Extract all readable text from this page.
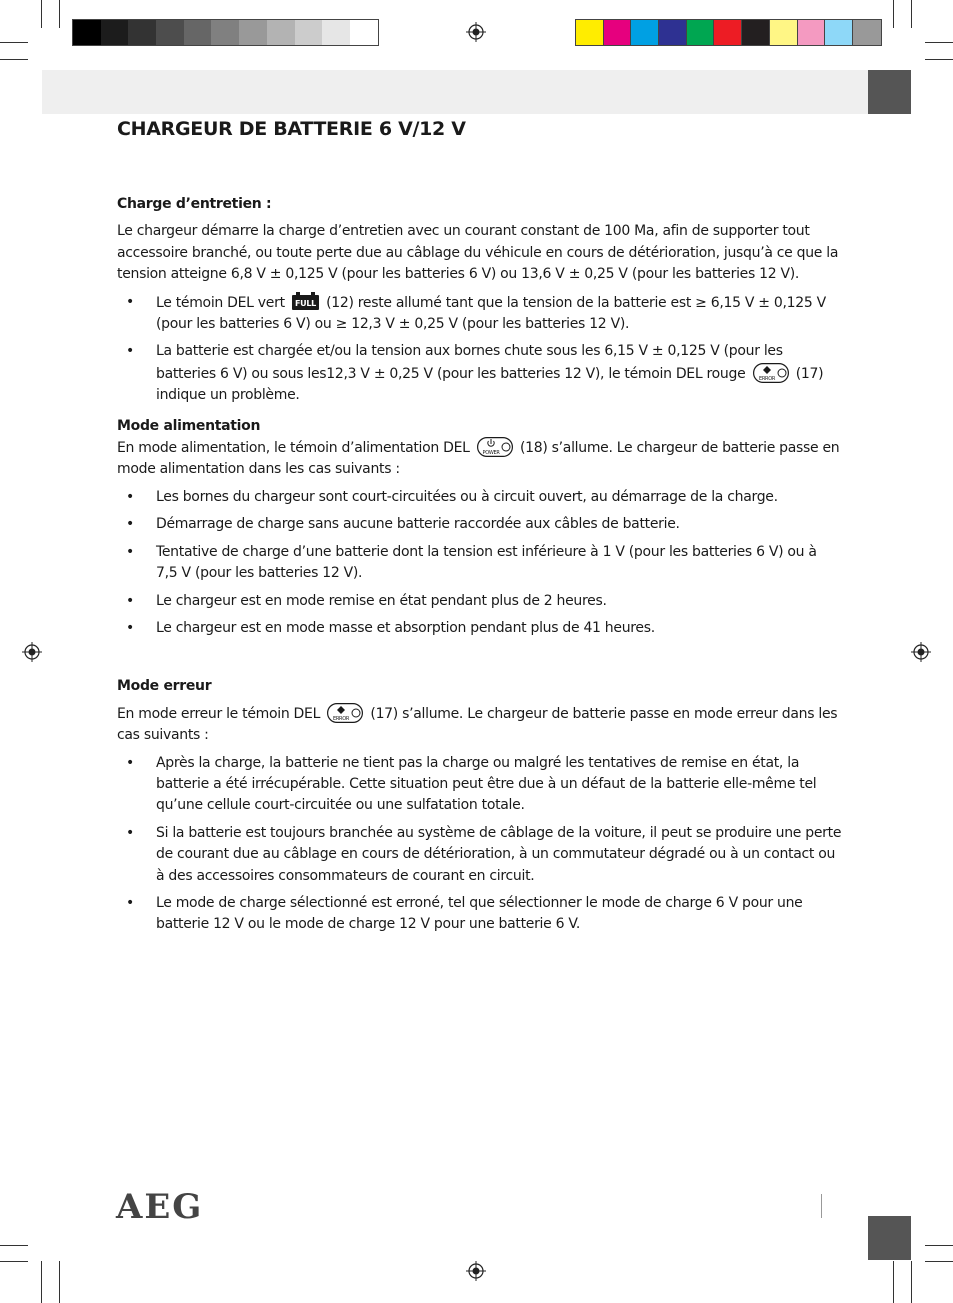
CHARGEUR DE BATTERIE 6 V/12 V
Charge d’entretien :

Le chargeur démarre la charge d’entretien avec un courant constant de 100 Ma, afin de supporter tout accessoire branché, ou toute perte due au câblage du véhicule en cours de détérioration, jusqu’à ce que la tension atteigne 6,8 V ± 0,125 V (pour les batteries 6 V) ou 13,6 V ± 0,25 V (pour les batteries 12 V).

• Le témoin DEL vert FULL (12) reste allumé tant que la tension de la batterie est ≥ 6,15 V ± 0,125 V (pour les batteries 6 V) ou ≥ 12,3 V ± 0,25 V (pour les batteries 12 V).
• La batterie est chargée et/ou la tension aux bornes chute sous les 6,15 V ± 0,125 V (pour les batteries 6 V) ou sous les12,3 V ± 0,25 V (pour les batteries 12 V), le témoin DEL rouge	ERROR (17) indique un problème.
Mode alimentation

En mode alimentation, le témoin d’alimentation DEL	POWER (18) s’allume. Le chargeur de batterie passe en mode alimentation dans les cas suivants :

• Les bornes du chargeur sont court-circuitées ou à circuit ouvert, au démarrage de la charge.
• Démarrage de charge sans aucune batterie raccordée aux câbles de batterie.
• Tentative de charge d’une batterie dont la tension est inférieure à 1 V (pour les batteries 6 V) ou à 7,5 V (pour les batteries 12 V).
• Le chargeur est en mode remise en état pendant plus de 2 heures.
• Le chargeur est en mode masse et absorption pendant plus de 41 heures.
Mode erreur

En mode erreur le témoin DEL	ERROR (17) s’allume. Le chargeur de batterie passe en mode erreur dans les cas suivants :

• Après la charge, la batterie ne tient pas la charge ou malgré les tentatives de remise en état, la batterie a été irrécupérable. Cette situation peut être due à un défaut de la batterie elle-même tel qu’une cellule court-circuitée ou une sulfatation totale.
• Si la batterie est toujours branchée au système de câblage de la voiture, il peut se produire une perte de courant due au câblage en cours de détérioration, à un commutateur dégradé ou à un contact ou à des accessoires consommateurs de courant en circuit.
• Le mode de charge sélectionné est erroné, tel que sélectionner le mode de charge 6 V pour une batterie 12 V ou le mode de charge 12 V pour une batterie 6 V.
AEG
